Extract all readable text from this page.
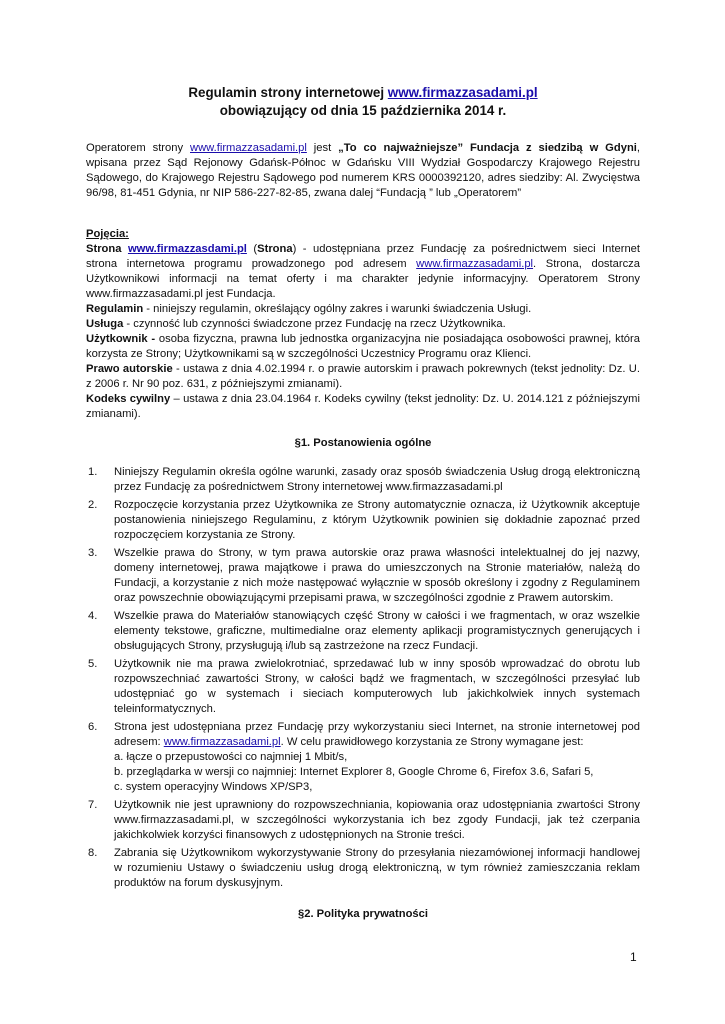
Regulamin strony internetowej www.firmazzasadami.pl

obowiązujący od dnia 15 października 2014 r.

Operatorem strony www.firmazzasadami.pl jest „To co najważniejsze” Fundacja z siedzibą w Gdyni, wpisana przez Sąd Rejonowy Gdańsk-Północ w Gdańsku VIII Wydział Gospodarczy Krajowego Rejestru Sądowego, do Krajowego Rejestru Sądowego pod numerem KRS 0000392120, adres siedziby: Al. Zwycięstwa 96/98, 81-451 Gdynia, nr NIP 586-227-82-85, zwana dalej “Fundacją ” lub „Operatorem”

Pojęcia:

Strona www.firmazzasdami.pl (Strona) - udostępniana przez Fundację za pośrednictwem sieci Internet strona internetowa programu prowadzonego pod adresem www.firmazzasadami.pl. Strona, dostarcza Użytkownikowi informacji na temat oferty i ma charakter jedynie informacyjny. Operatorem Strony www.firmazzasadami.pl jest Fundacja.

Regulamin - niniejszy regulamin, określający ogólny zakres i warunki świadczenia Usługi.

Usługa - czynność lub czynności świadczone przez Fundację na rzecz Użytkownika.

Użytkownik - osoba fizyczna, prawna lub jednostka organizacyjna nie posiadająca osobowości prawnej, która korzysta ze Strony; Użytkownikami są w szczególności Uczestnicy Programu oraz Klienci.

Prawo autorskie - ustawa z dnia 4.02.1994 r. o prawie autorskim i prawach pokrewnych (tekst jednolity: Dz. U. z 2006 r. Nr 90 poz. 631, z późniejszymi zmianami).

Kodeks cywilny – ustawa z dnia 23.04.1964 r. Kodeks cywilny (tekst jednolity: Dz. U. 2014.121 z późniejszymi zmianami).

§1. Postanowienia ogólne

1. Niniejszy Regulamin określa ogólne warunki, zasady oraz sposób świadczenia Usług drogą elektroniczną przez Fundację za pośrednictwem Strony internetowej www.firmazzasadami.pl
2. Rozpoczęcie korzystania przez Użytkownika ze Strony automatycznie oznacza, iż Użytkownik akceptuje postanowienia niniejszego Regulaminu, z którym Użytkownik powinien się dokładnie zapoznać przed rozpoczęciem korzystania ze Strony.
3. Wszelkie prawa do Strony, w tym prawa autorskie oraz prawa własności intelektualnej do jej nazwy, domeny internetowej, prawa majątkowe i prawa do umieszczonych na Stronie materiałów, należą do Fundacji, a korzystanie z nich może następować wyłącznie w sposób określony i zgodny z Regulaminem oraz powszechnie obowiązującymi przepisami prawa, w szczególności zgodnie z Prawem autorskim.
4. Wszelkie prawa do Materiałów stanowiących część Strony w całości i we fragmentach, w oraz wszelkie elementy tekstowe, graficzne, multimedialne oraz elementy aplikacji programistycznych generujących i obsługujących Strony, przysługują i/lub są zastrzeżone na rzecz Fundacji.
5. Użytkownik nie ma prawa zwielokrotniać, sprzedawać lub w inny sposób wprowadzać do obrotu lub rozpowszechniać zawartości Strony, w całości bądź we fragmentach, w szczególności przesyłać lub udostępniać go w systemach i sieciach komputerowych lub jakichkolwiek innych systemach teleinformatycznych.
6. Strona jest udostępniana przez Fundację przy wykorzystaniu sieci Internet, na stronie internetowej pod adresem: www.firmazzasadami.pl. W celu prawidłowego korzystania ze Strony wymagane jest:
a. łącze o przepustowości co najmniej 1 Mbit/s,
b. przeglądarka w wersji co najmniej: Internet Explorer 8, Google Chrome 6, Firefox 3.6, Safari 5,
c. system operacyjny Windows XP/SP3,
7. Użytkownik nie jest uprawniony do rozpowszechniania, kopiowania oraz udostępniania zwartości Strony www.firmazzasadami.pl, w szczególności wykorzystania ich bez zgody Fundacji, jak też czerpania jakichkolwiek korzyści finansowych z udostępnionych na Stronie treści.
8. Zabrania się Użytkownikom wykorzystywanie Strony do przesyłania niezamówionej informacji handlowej w rozumieniu Ustawy o świadczeniu usług drogą elektroniczną, w tym również zamieszczania reklam produktów na forum dyskusyjnym.

§2. Polityka prywatności

1
